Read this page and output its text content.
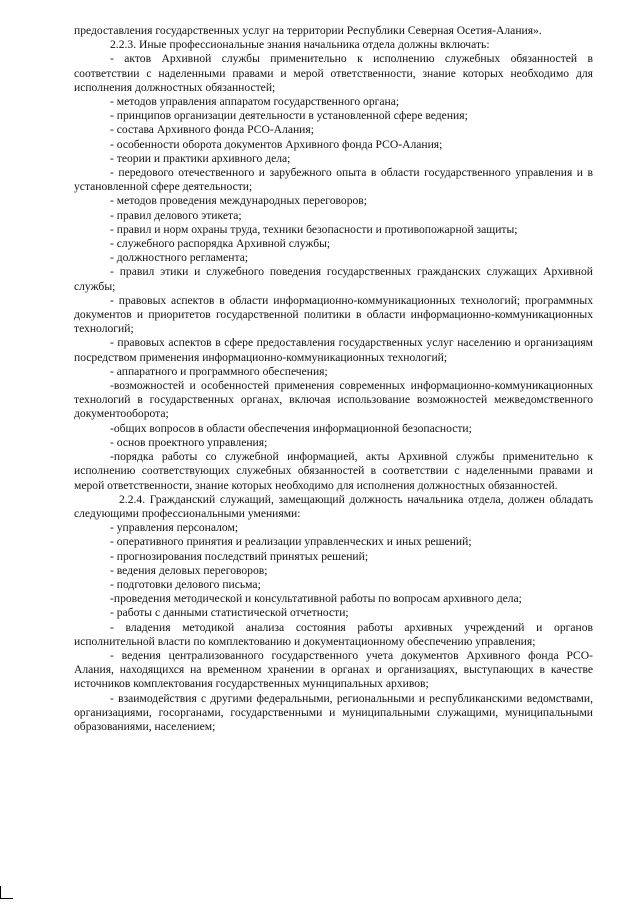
предоставления государственных услуг на территории Республики Северная Осетия-Алания».

2.2.3. Иные профессиональные знания начальника отдела должны включать:

- актов Архивной службы применительно к исполнению служебных обязанностей в соответствии с наделенными правами и мерой ответственности, знание которых необходимо для исполнения должностных обязанностей;

- методов управления аппаратом государственного органа;

- принципов организации деятельности в установленной сфере ведения;

- состава Архивного фонда РСО-Алания;

- особенности оборота документов Архивного фонда РСО-Алания;

- теории и практики архивного дела;

- передового отечественного и зарубежного опыта в области государственного управления и в установленной сфере деятельности;

- методов проведения международных переговоров;

- правил делового этикета;

- правил и норм охраны труда, техники безопасности и противопожарной защиты;

- служебного распорядка Архивной службы;

- должностного регламента;

- правил этики и служебного поведения государственных гражданских служащих Архивной службы;

- правовых аспектов в области информационно-коммуникационных технологий; программных документов и приоритетов государственной политики в области информационно-коммуникационных технологий;

- правовых аспектов в сфере предоставления государственных услуг населению и организациям посредством применения информационно-коммуникационных технологий;

- аппаратного и программного обеспечения;

-возможностей и особенностей применения современных информационно-коммуникационных технологий в государственных органах, включая использование возможностей межведомственного документооборота;

-общих вопросов в области обеспечения информационной безопасности;

- основ проектного управления;

-порядка работы со служебной информацией, акты Архивной службы применительно к исполнению соответствующих служебных обязанностей в соответствии с наделенными правами и мерой ответственности, знание которых необходимо для исполнения должностных обязанностей.

2.2.4. Гражданский служащий, замещающий должность начальника отдела, должен обладать следующими профессиональными умениями:

- управления персоналом;

- оперативного принятия и реализации управленческих и иных решений;

- прогнозирования последствий принятых решений;

- ведения деловых переговоров;

- подготовки делового письма;

-проведения методической и консультативной работы по вопросам архивного дела;

- работы с данными статистической отчетности;

- владения методикой анализа состояния работы архивных учреждений и органов исполнительной власти по комплектованию и документационному обеспечению управления;

- ведения централизованного государственного учета документов Архивного фонда РСО-Алания, находящихся на временном хранении в органах и организациях, выступающих в качестве источников комплектования государственных муниципальных архивов;

- взаимодействия с другими федеральными, региональными и республиканскими ведомствами, организациями, госорганами, государственными и муниципальными служащими, муниципальными образованиями, населением;
